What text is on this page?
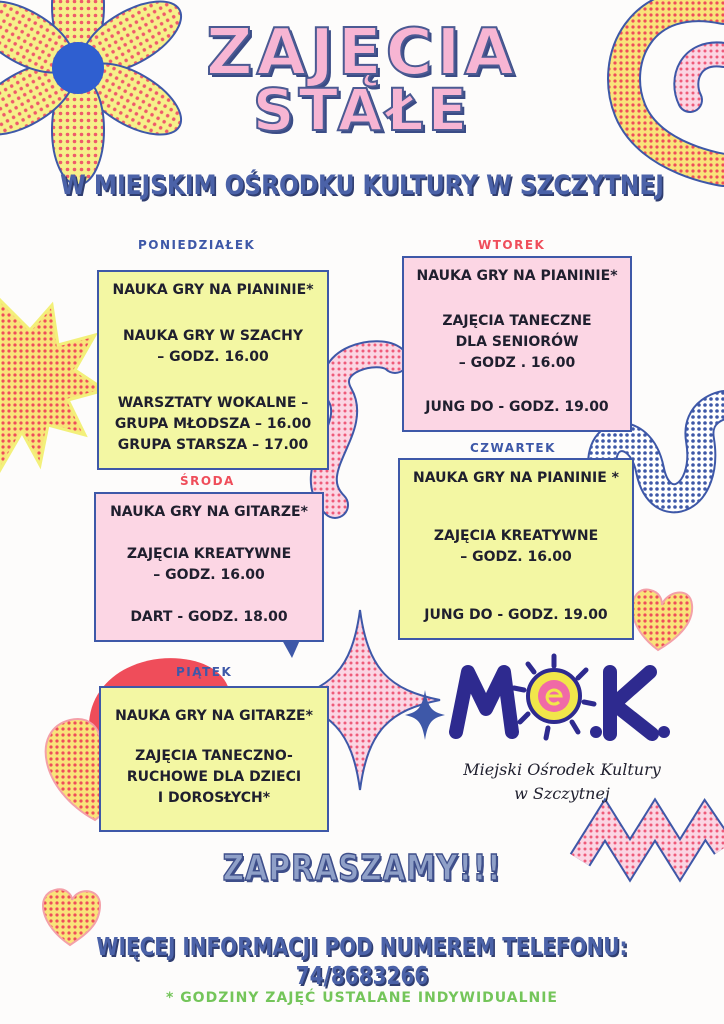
ZAJĘCIA
STAŁE
W MIEJSKIM OŚRODKU KULTURY W SZCZYTNEJ
PONIEDZIAŁEK
NAUKA GRY NA PIANINIE*
NAUKA GRY W SZACHY
– GODZ. 16.00
WARSZTATY WOKALNE –
GRUPA MŁODSZA – 16.00
GRUPA STARSZA – 17.00
WTOREK
NAUKA GRY NA PIANINIE*
ZAJĘCIA TANECZNE
DLA SENIORÓW
– GODZ . 16.00
JUNG DO - GODZ. 19.00
ŚRODA
NAUKA GRY NA GITARZE*
ZAJĘCIA KREATYWNE
– GODZ. 16.00
DART - GODZ. 18.00
CZWARTEK
NAUKA GRY NA PIANINIE *
ZAJĘCIA KREATYWNE
– GODZ. 16.00
JUNG DO - GODZ. 19.00
PIĄTEK
NAUKA GRY NA GITARZE*
ZAJĘCIA TANECZNO-
RUCHOWE DLA DZIECI
I DOROSŁYCH*
Miejski Ośrodek Kultury
w Szczytnej
ZAPRASZAMY!!!
WIĘCEJ INFORMACJI POD NUMEREM TELEFONU: 74/8683266
* GODZINY ZAJĘĆ USTALANE INDYWIDUALNIE
